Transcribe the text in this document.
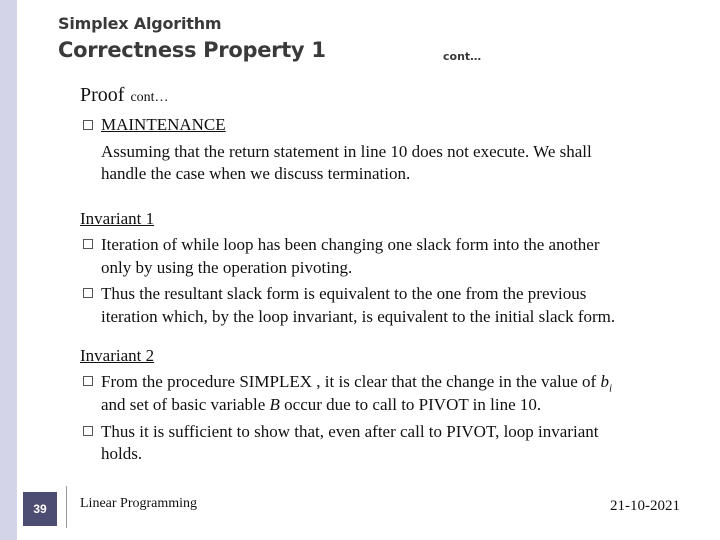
Simplex Algorithm
Correctness Property 1	cont…
Proof cont…
MAINTENANCE
Assuming that the return statement in line 10 does not execute. We shall
handle the case when we discuss termination.
Invariant 1
Iteration of while loop has been changing one slack form into the another
only by using the operation pivoting.
Thus the resultant slack form is equivalent to the one from the previous
iteration which, by the loop invariant, is equivalent to the initial slack form.
Invariant 2
From the procedure SIMPLEX , it is clear that the change in the value of $b_i$
and set of basic variable B occur due to call to PIVOT in line 10.
Thus it is sufficient to show that, even after call to PIVOT, loop invariant
holds.
39	Linear Programming	21-10-2021
